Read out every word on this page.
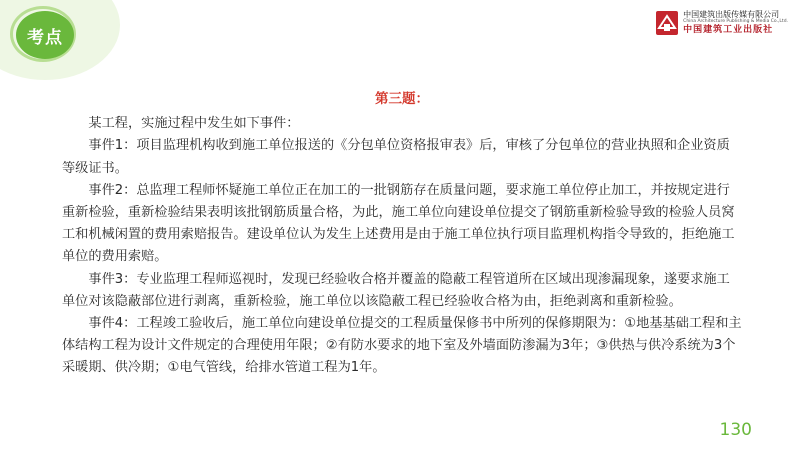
考点
中国建筑出版传媒有限公司
China Architecture Publishing & Media Co.,Ltd.
中国建筑工业出版社
第三题：

某工程，实施过程中发生如下事件：

事件1：项目监理机构收到施工单位报送的《分包单位资格报审表》后，审核了分包单位的营业执照和企业资质等级证书。

事件2：总监理工程师怀疑施工单位正在加工的一批钢筋存在质量问题，要求施工单位停止加工，并按规定进行重新检验，重新检验结果表明该批钢筋质量合格，为此，施工单位向建设单位提交了钢筋重新检验导致的检验人员窝工和机械闲置的费用索赔报告。建设单位认为发生上述费用是由于施工单位执行项目监理机构指令导致的，拒绝施工单位的费用索赔。

事件3：专业监理工程师巡视时，发现已经验收合格并覆盖的隐蔽工程管道所在区域出现渗漏现象，遂要求施工单位对该隐蔽部位进行剥离，重新检验，施工单位以该隐蔽工程已经验收合格为由，拒绝剥离和重新检验。

事件4：工程竣工验收后，施工单位向建设单位提交的工程质量保修书中所列的保修期限为：①地基基础工程和主体结构工程为设计文件规定的合理使用年限；②有防水要求的地下室及外墙面防渗漏为3年；③供热与供冷系统为3个采暖期、供冷期；①电气管线，给排水管道工程为1年。

130
